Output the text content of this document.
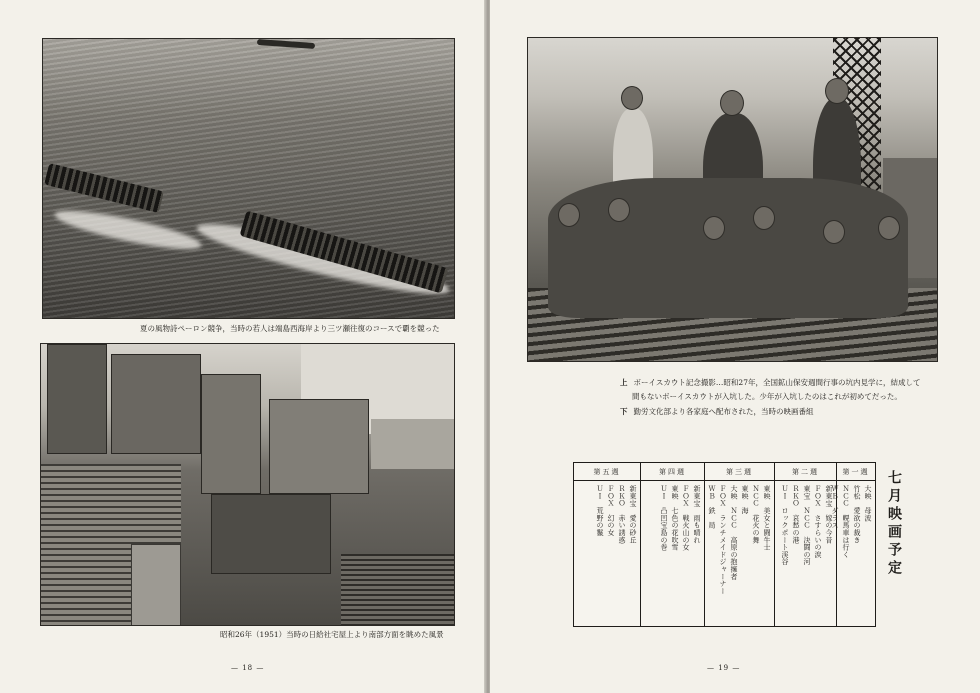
夏の風物詩ペーロン競争，当時の若人は端島西海岸より三ツ瀬往復のコースで覇を競った
昭和26年（1951）当時の日給社宅屋上より南部方面を眺めた風景
— 18 —
上 ボーイスカウト記念撮影…昭和27年，全国鉱山保安週間行事の坑内見学に，結成して
間もないボーイスカウトが入坑した。少年が入坑したのはこれが初めてだった。
下 勤労文化部より各家庭へ配布された，当時の映画番組
第五週
新東宝　愛の砂丘
ＲＫＯ　赤い誘惑
ＦＯＸ　幻の女
ＵＩ　荒野の鬣
第四週
新東宝　雨も晴れ
ＦＯＸ　戦火山の女
東映　七色の花吹雪
ＵＩ　凸凹宝島の巻
第三週
東映　美女と闘牛士
ＮＣＣ　花火の舞
東映　海
大映　ＮＣＣ　高原の抱擁者
ＦＯＸ　ランチメイドジャーナー
ＷＢ　鉄　局
第二週
新東宝　嫁の今昔
ＦＯＸ　さすらいの涙
東宝　ＮＣＣ　決闘の河
ＲＫＯ　哀愁の港
ＵＩ　ロックポート渓谷
第一週
大映　母波
竹松　愛欲の裁き
ＮＣＣ　幌馬車は行く
ＷＢ　ダラス	七月映画予定
— 19 —
